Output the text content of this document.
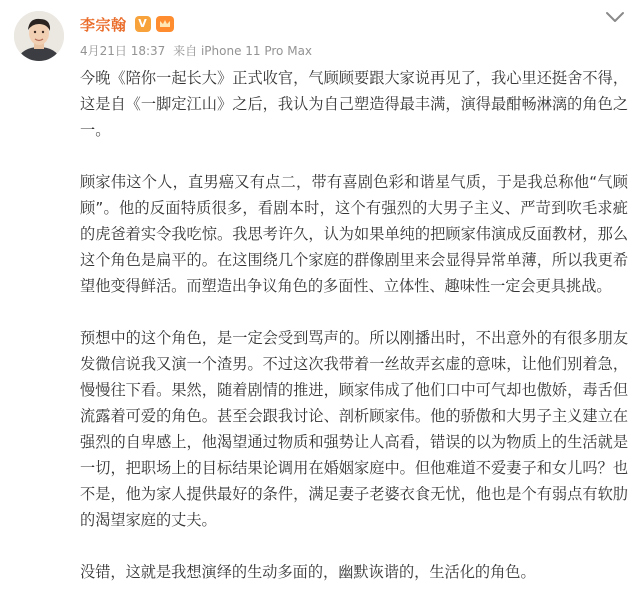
李宗翰	V
4月21日 18:37 来自 iPhone 11 Pro Max

今晚《陪你一起长大》正式收官，气顾顾要跟大家说再见了，我心里还挺舍不得，这是自《一脚定江山》之后，我认为自己塑造得最丰满，演得最酣畅淋漓的角色之一。

顾家伟这个人，直男癌又有点二，带有喜剧色彩和谐星气质，于是我总称他“气顾顾”。他的反面特质很多，看剧本时，这个有强烈的大男子主义、严苛到吹毛求疵的虎爸着实令我吃惊。我思考许久，认为如果单纯的把顾家伟演成反面教材，那么这个角色是扁平的。在这围绕几个家庭的群像剧里来会显得异常单薄，所以我更希望他变得鲜活。而塑造出争议角色的多面性、立体性、趣味性一定会更具挑战。

预想中的这个角色，是一定会受到骂声的。所以刚播出时，不出意外的有很多朋友发微信说我又演一个渣男。不过这次我带着一丝故弄玄虚的意味，让他们别着急，慢慢往下看。果然，随着剧情的推进，顾家伟成了他们口中可气却也傲娇，毒舌但流露着可爱的角色。甚至会跟我讨论、剖析顾家伟。他的骄傲和大男子主义建立在强烈的自卑感上，他渴望通过物质和强势让人高看，错误的以为物质上的生活就是一切，把职场上的目标结果论调用在婚姻家庭中。但他难道不爱妻子和女儿吗？也不是，他为家人提供最好的条件，满足妻子老婆衣食无忧，他也是个有弱点有软肋的渴望家庭的丈夫。

没错，这就是我想演绎的生动多面的，幽默诙谐的，生活化的角色。
